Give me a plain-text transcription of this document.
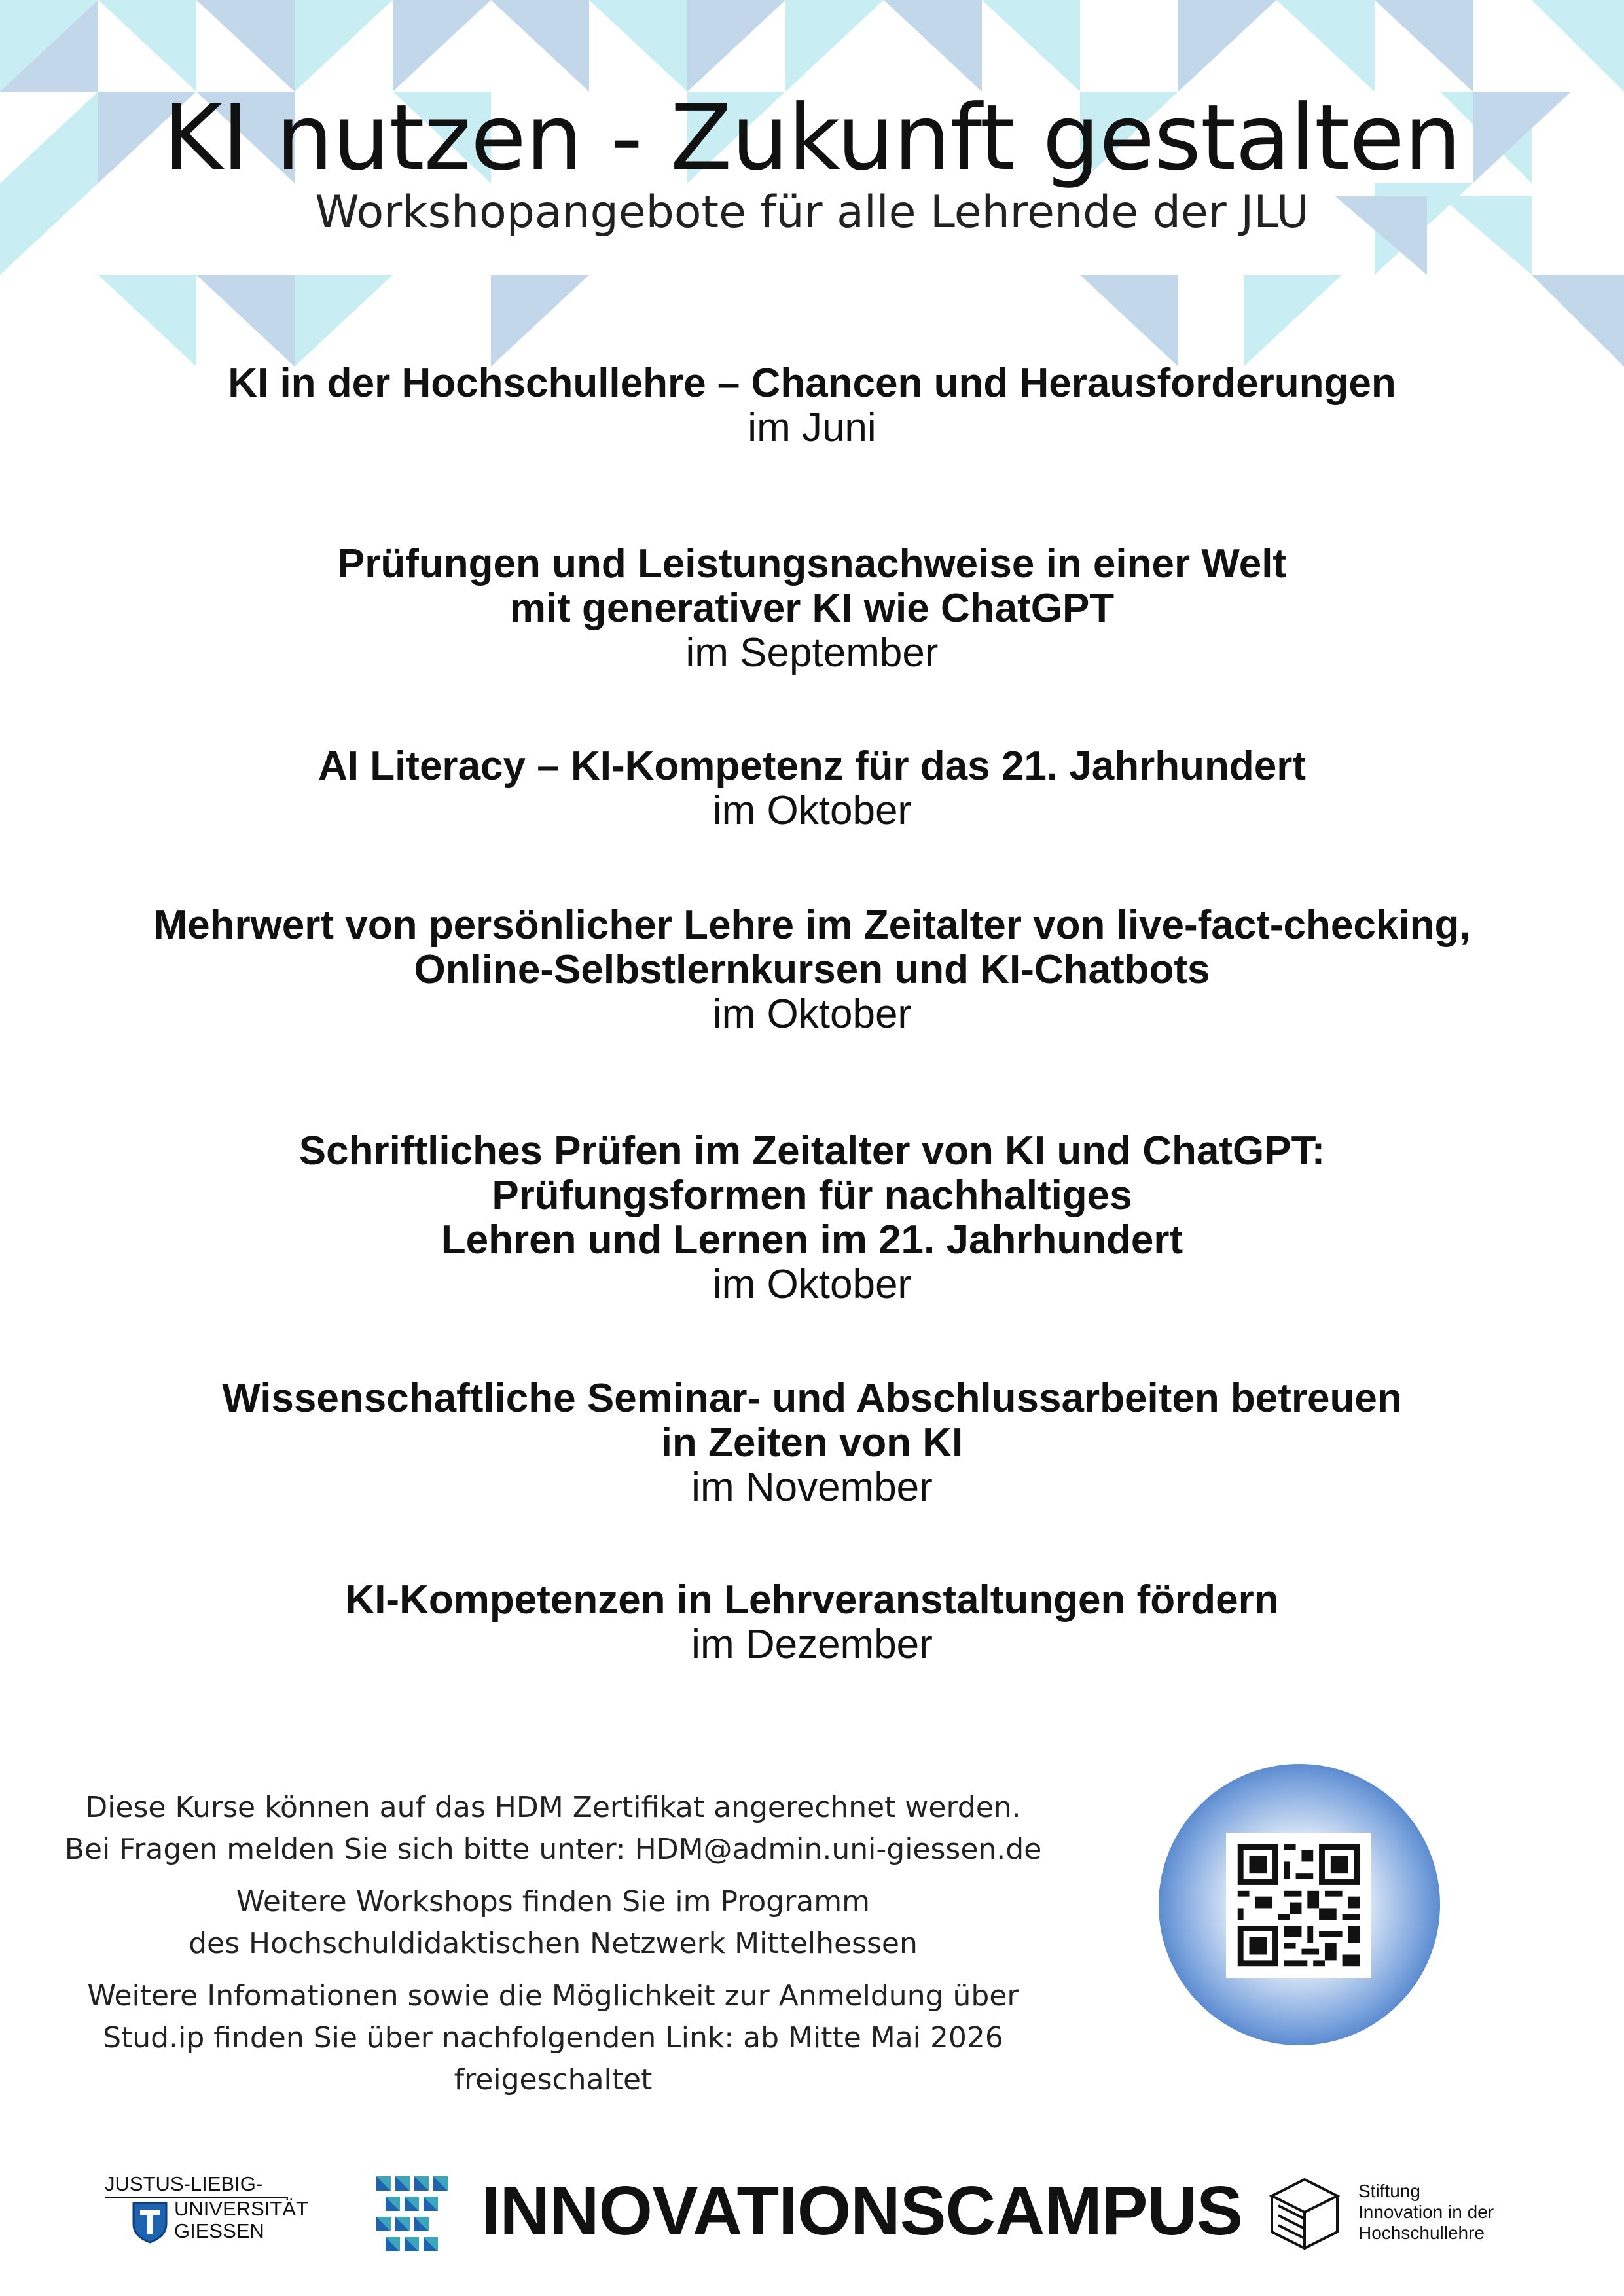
KI nutzen - Zukunft gestalten
Workshopangebote für alle Lehrende der JLU
KI in der Hochschullehre – Chancen und Herausforderungen
im Juni
Prüfungen und Leistungsnachweise in einer Welt
mit generativer KI wie ChatGPT
im September
AI Literacy – KI-Kompetenz für das 21. Jahrhundert
im Oktober
Mehrwert von persönlicher Lehre im Zeitalter von live-fact-checking,
Online-Selbstlernkursen und KI-Chatbots
im Oktober
Schriftliches Prüfen im Zeitalter von KI und ChatGPT:
Prüfungsformen für nachhaltiges
Lehren und Lernen im 21. Jahrhundert
im Oktober
Wissenschaftliche Seminar- und Abschlussarbeiten betreuen
in Zeiten von KI
im November
KI-Kompetenzen in Lehrveranstaltungen fördern
im Dezember

Diese Kurse können auf das HDM Zertifikat angerechnet werden.
Bei Fragen melden Sie sich bitte unter: HDM@admin.uni-giessen.de

Weitere Workshops finden Sie im Programm
des Hochschuldidaktischen Netzwerk Mittelhessen

Weitere Infomationen sowie die Möglichkeit zur Anmeldung über
Stud.ip finden Sie über nachfolgenden Link: ab Mitte Mai 2026 freigeschaltet

JUSTUS-LIEBIG-
UNIVERSITÄT
GIESSEN	INNOVATIONSCAMPUS	Stiftung
Innovation in der
Hochschullehre
